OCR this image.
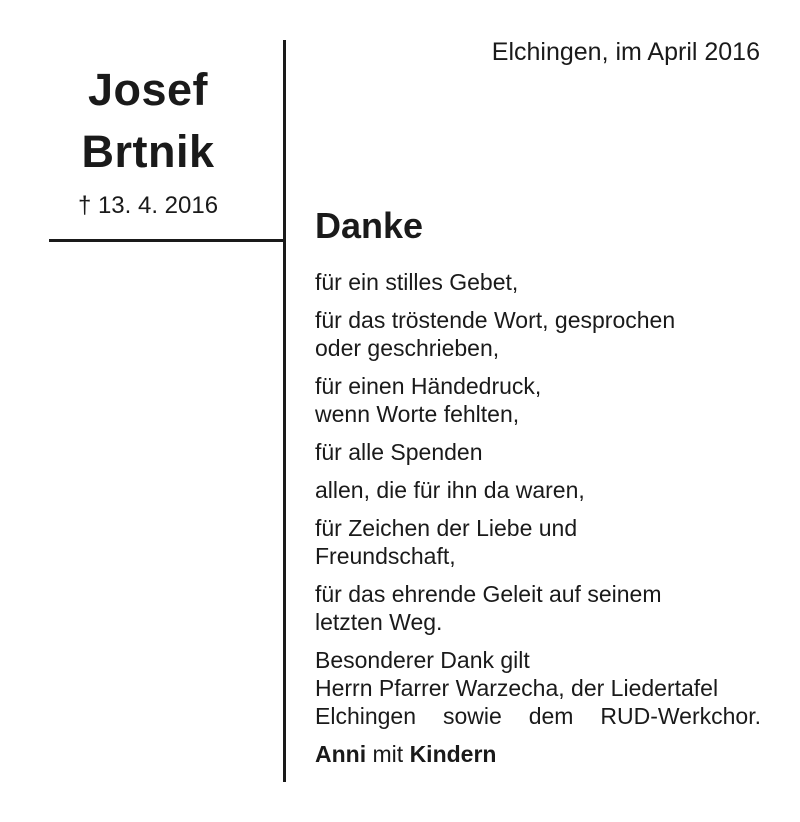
Josef
Brtnik
† 13. 4. 2016
Elchingen, im April 2016
Danke

für ein stilles Gebet,

für das tröstende Wort, gesprochen
oder geschrieben,

für einen Händedruck,
wenn Worte fehlten,

für alle Spenden

allen, die für ihn da waren,

für Zeichen der Liebe und
Freundschaft,

für das ehrende Geleit auf seinem
letzten Weg.

Besonderer Dank gilt
Herrn Pfarrer Warzecha, der Liedertafel
Elchingen sowie dem RUD-Werkchor.

Anni mit Kindern
